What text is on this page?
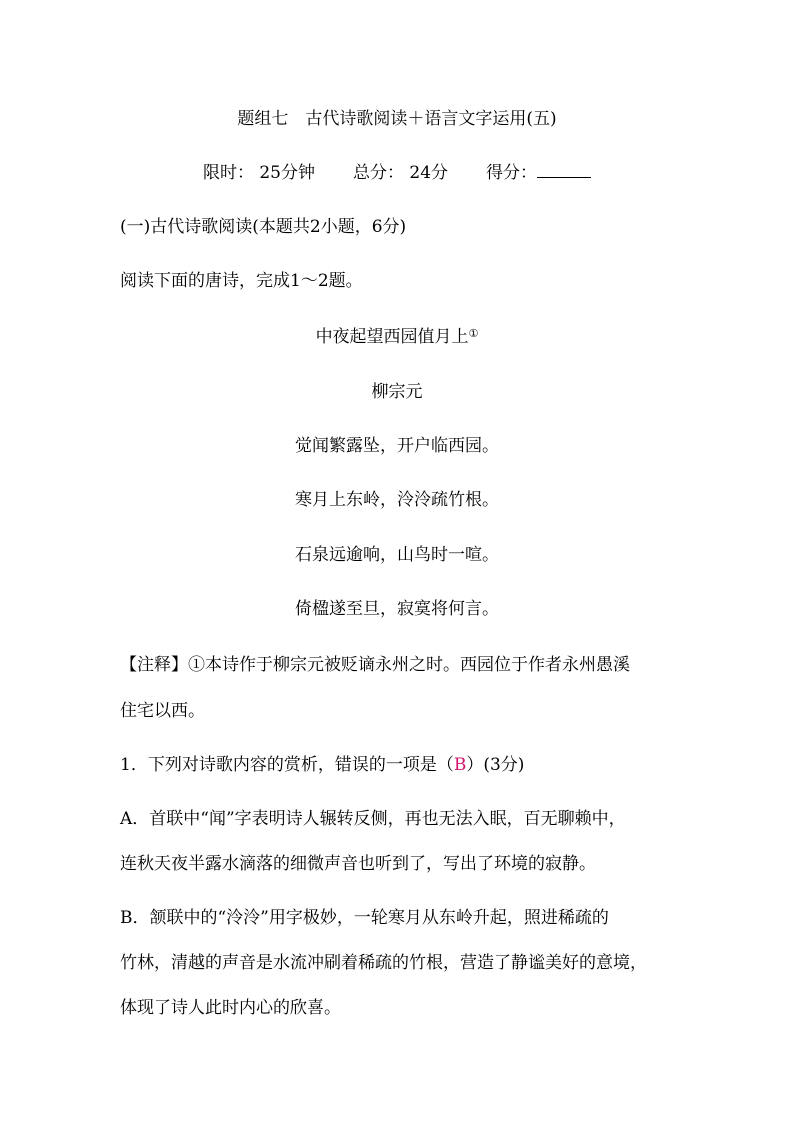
题组七　古代诗歌阅读＋语言文字运用(五)
限时： 25分钟 总分： 24分 得分：
(一)古代诗歌阅读(本题共2小题，6分)
阅读下面的唐诗，完成1～2题。
中夜起望西园值月上①
柳宗元
觉闻繁露坠，开户临西园。
寒月上东岭，泠泠疏竹根。
石泉远逾响，山鸟时一喧。
倚楹遂至旦，寂寞将何言。
【注释】①本诗作于柳宗元被贬谪永州之时。西园位于作者永州愚溪
住宅以西。
1．下列对诗歌内容的赏析，错误的一项是（B）(3分)
A．首联中“闻”字表明诗人辗转反侧，再也无法入眠，百无聊赖中，
连秋天夜半露水滴落的细微声音也听到了，写出了环境的寂静。
B．颔联中的“泠泠”用字极妙，一轮寒月从东岭升起，照进稀疏的
竹林，清越的声音是水流冲刷着稀疏的竹根，营造了静谧美好的意境，
体现了诗人此时内心的欣喜。
